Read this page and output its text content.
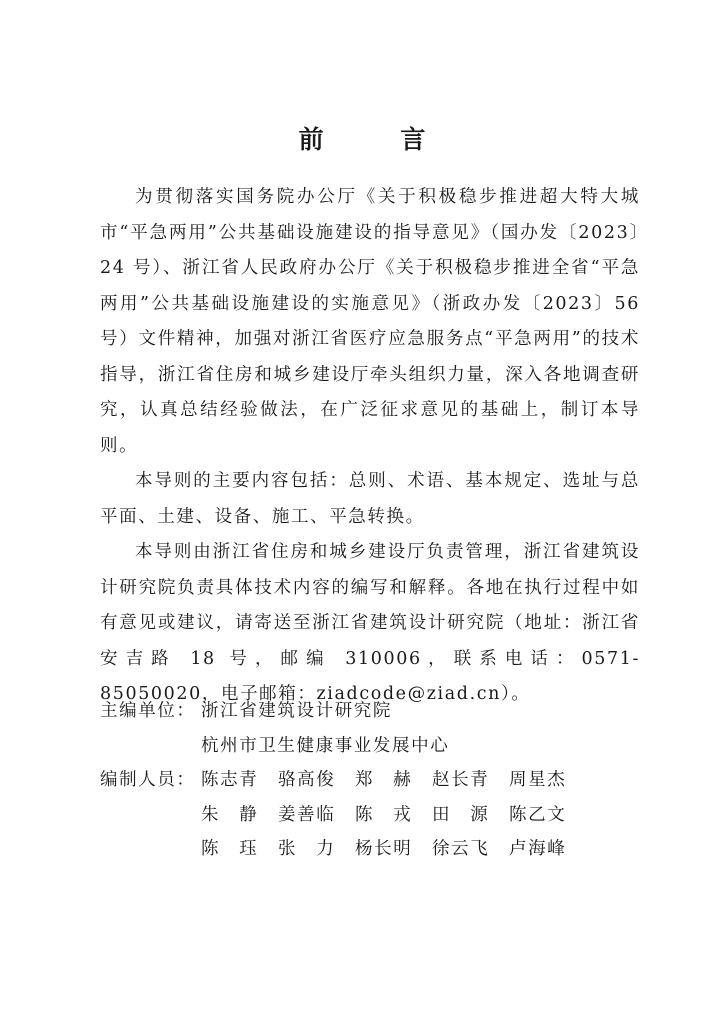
前 言

为贯彻落实国务院办公厅《关于积极稳步推进超大特大城市“平急两用”公共基础设施建设的指导意见》（国办发〔2023〕24 号）、浙江省人民政府办公厅《关于积极稳步推进全省“平急两用”公共基础设施建设的实施意见》（浙政办发〔2023〕56 号）文件精神，加强对浙江省医疗应急服务点“平急两用”的技术指导，浙江省住房和城乡建设厅牵头组织力量，深入各地调查研究，认真总结经验做法，在广泛征求意见的基础上，制订本导则。

本导则的主要内容包括：总则、术语、基本规定、选址与总平面、土建、设备、施工、平急转换。

本导则由浙江省住房和城乡建设厅负责管理，浙江省建筑设计研究院负责具体技术内容的编写和解释。各地在执行过程中如有意见或建议，请寄送至浙江省建筑设计研究院（地址：浙江省安吉路 18 号，邮编 310006，联系电话：0571-85050020，电子邮箱：ziadcode@ziad.cn）。

主编单位： 浙江省建筑设计研究院
杭州市卫生健康事业发展中心
编制人员： 陈志青	骆高俊	郑　赫	赵长青	周星杰
朱　静	姜善临	陈　戎	田　源	陈乙文
陈　珏	张　力	杨长明	徐云飞	卢海峰
